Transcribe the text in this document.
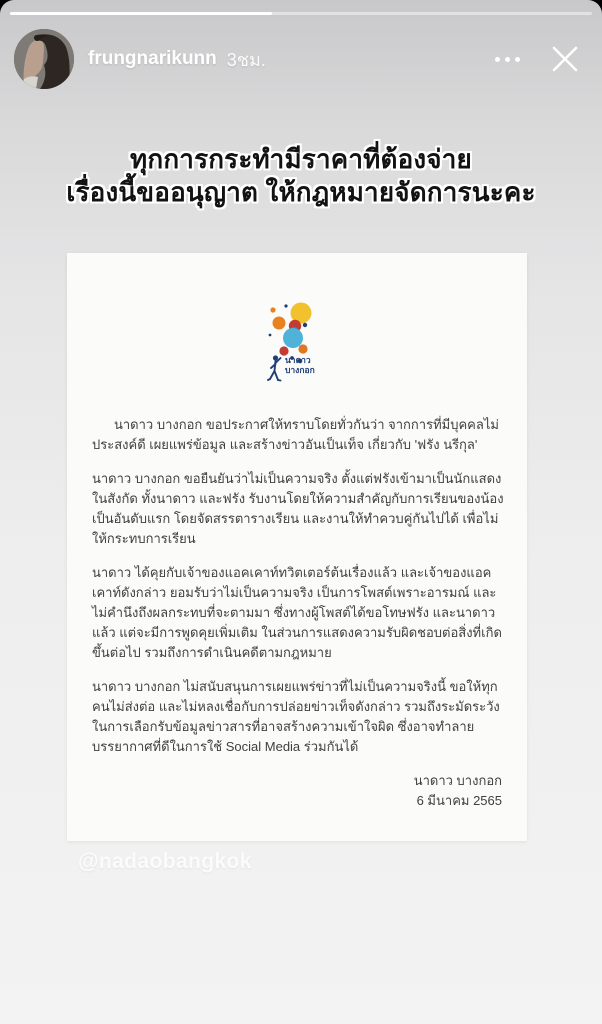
frungnarikunn 3ชม.
ทุกการกระทำมีราคาที่ต้องจ่าย
เรื่องนี้ขออนุญาต ให้กฎหมายจัดการนะคะ
นาดาว
บางกอก

นาดาว บางกอก ขอประกาศให้ทราบโดยทั่วกันว่า จากการที่มีบุคคลไม่ประสงค์ดี เผยแพร่ข้อมูล และสร้างข่าวอันเป็นเท็จ เกี่ยวกับ 'ฟรัง นรีกุล'

นาดาว บางกอก ขอยืนยันว่าไม่เป็นความจริง ตั้งแต่ฟรังเข้ามาเป็นนักแสดงในสังกัด ทั้งนาดาว และฟรัง รับงานโดยให้ความสำคัญกับการเรียนของน้องเป็นอันดับแรก โดยจัดสรรตารางเรียน และงานให้ทำควบคู่กันไปได้ เพื่อไม่ให้กระทบการเรียน

นาดาว ได้คุยกับเจ้าของแอคเคาท์ทวิตเตอร์ต้นเรื่องแล้ว และเจ้าของแอคเคาท์ดังกล่าว ยอมรับว่าไม่เป็นความจริง เป็นการโพสต์เพราะอารมณ์ และไม่คำนึงถึงผลกระทบที่จะตามมา ซึ่งทางผู้โพสต์ได้ขอโทษฟรัง และนาดาวแล้ว แต่จะมีการพูดคุยเพิ่มเติม ในส่วนการแสดงความรับผิดชอบต่อสิ่งที่เกิดขึ้นต่อไป รวมถึงการดำเนินคดีตามกฎหมาย

นาดาว บางกอก ไม่สนับสนุนการเผยแพร่ข่าวที่ไม่เป็นความจริงนี้ ขอให้ทุกคนไม่ส่งต่อ และไม่หลงเชื่อกับการปล่อยข่าวเท็จดังกล่าว รวมถึงระมัดระวังในการเลือกรับข้อมูลข่าวสารที่อาจสร้างความเข้าใจผิด ซึ่งอาจทำลายบรรยากาศที่ดีในการใช้ Social Media ร่วมกันได้

นาดาว บางกอก
6 มีนาคม 2565
@nadaobangkok
